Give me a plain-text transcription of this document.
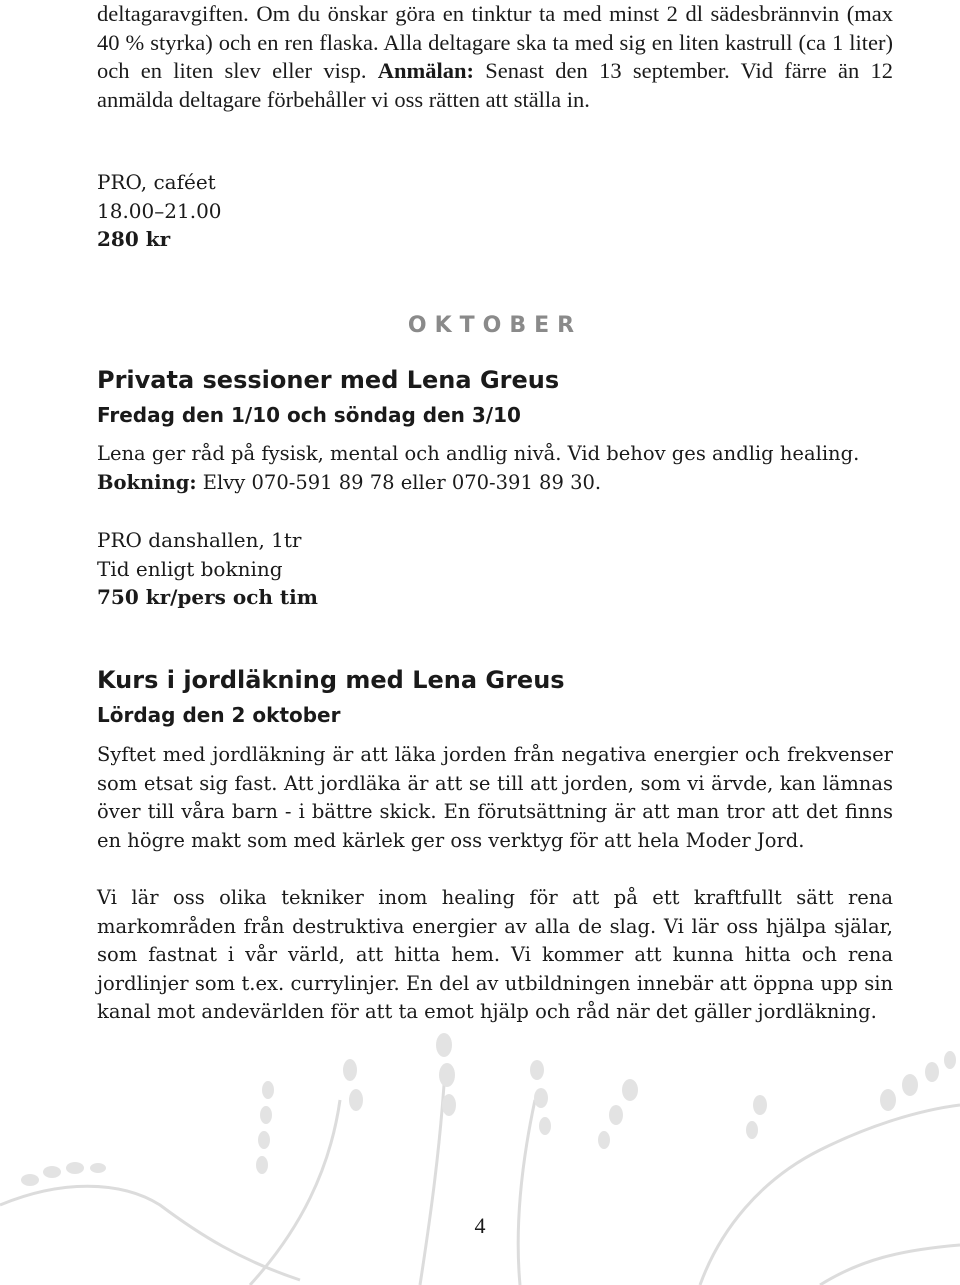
deltagaravgiften. Om du önskar göra en tinktur ta med minst 2 dl sädesbrännvin (max 40 % styrka) och en ren flaska. Alla deltagare ska ta med sig en liten kastrull (ca 1 liter) och en liten slev eller visp. Anmälan: Senast den 13 september. Vid färre än 12 anmälda deltagare förbehåller vi oss rätten att ställa in.

PRO, caféet
18.00–21.00
280 kr
OKTOBER
Privata sessioner med Lena Greus
Fredag den 1/10 och söndag den 3/10

Lena ger råd på fysisk, mental och andlig nivå. Vid behov ges andlig healing.

Bokning: Elvy 070-591 89 78 eller 070-391 89 30.

PRO danshallen, 1tr
Tid enligt bokning
750 kr/pers och tim
Kurs i jordläkning med Lena Greus
Lördag den 2 oktober

Syftet med jordläkning är att läka jorden från negativa energier och frekvenser som etsat sig fast. Att jordläka är att se till att jorden, som vi ärvde, kan lämnas över till våra barn - i bättre skick. En förutsättning är att man tror att det finns en högre makt som med kärlek ger oss verktyg för att hela Moder Jord.

Vi lär oss olika tekniker inom healing för att på ett kraftfullt sätt rena markområden från destruktiva energier av alla de slag. Vi lär oss hjälpa själar, som fastnat i vår värld, att hitta hem. Vi kommer att kunna hitta och rena jordlinjer som t.ex. currylinjer. En del av utbildningen innebär att öppna upp sin kanal mot andevärlden för att ta emot hjälp och råd när det gäller jordläkning.

4
